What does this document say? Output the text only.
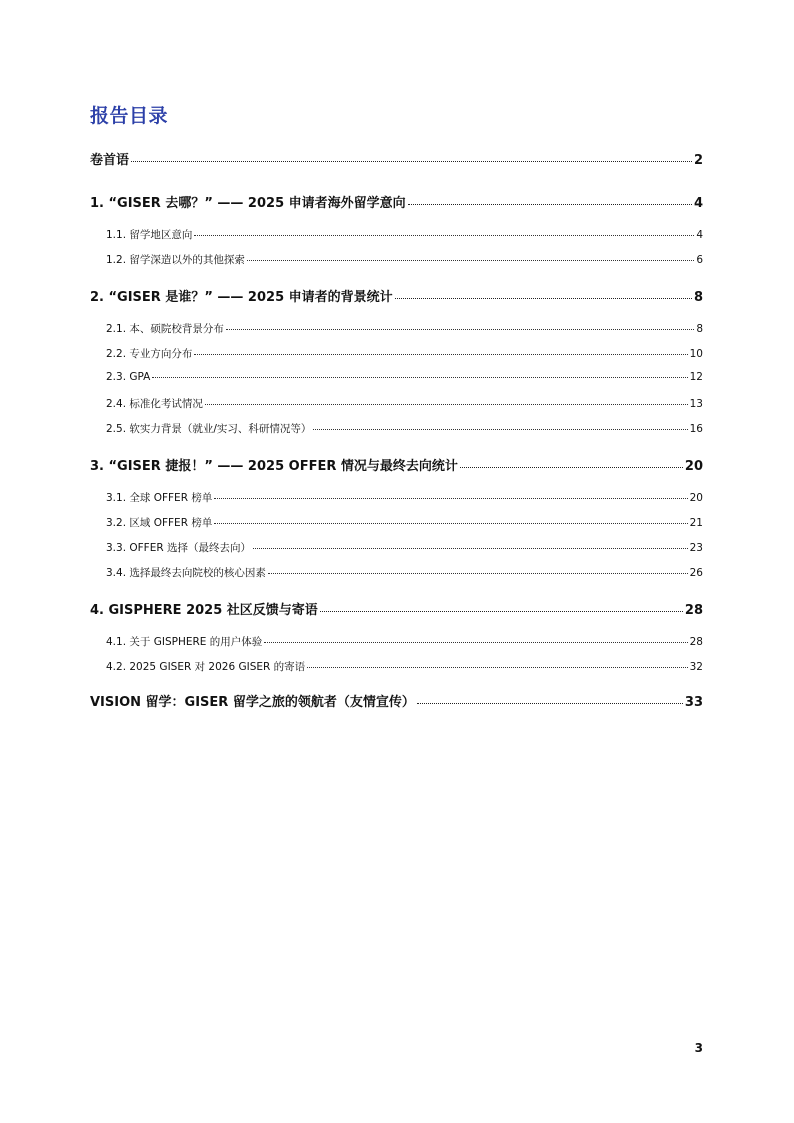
报告目录
卷首语	2
1. “GISER 去哪？” —— 2025 申请者海外留学意向	4
1.1. 留学地区意向	4
1.2. 留学深造以外的其他探索	6
2. “GISER 是谁？” —— 2025 申请者的背景统计	8
2.1. 本、硕院校背景分布	8
2.2. 专业方向分布	10
2.3. GPA	12
2.4. 标准化考试情况	13
2.5. 软实力背景（就业/实习、科研情况等）	16
3. “GISER 捷报！” —— 2025 OFFER 情况与最终去向统计	20
3.1. 全球 OFFER 榜单	20
3.2. 区域 OFFER 榜单	21
3.3. OFFER 选择（最终去向）	23
3.4. 选择最终去向院校的核心因素	26
4. GISPHERE 2025 社区反馈与寄语	28
4.1. 关于 GISPHERE 的用户体验	28
4.2. 2025 GISER 对 2026 GISER 的寄语	32
VISION 留学：GISER 留学之旅的领航者（友情宣传）	33
3
